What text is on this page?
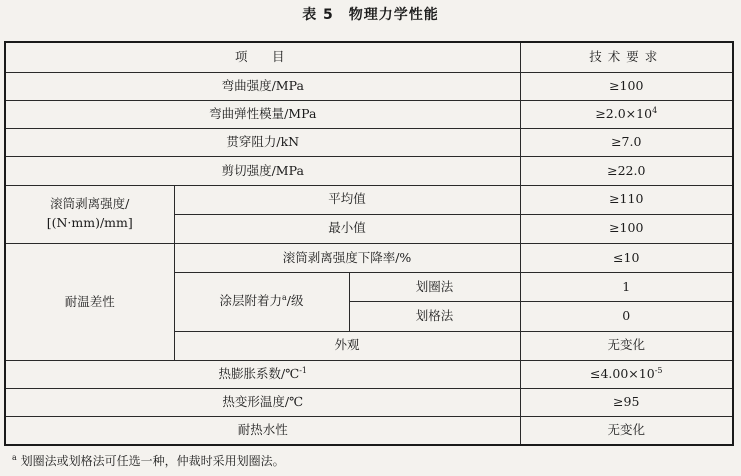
表 5　物理力学性能
项　目			技术要求
弯曲强度/MPa			≥100
弯曲弹性模量/MPa			$\ge 2.0\times 10^4$
贯穿阻力/kN			≥7.0
剪切强度/MPa			≥22.0

滚筒剥离强度/
[(N·mm)/mm]	平均值		≥110
	最小值		≥100
耐温差性	滚筒剥离强度下降率/%		≤10
	涂层附着力$^a$/级	划圈法	1
		划格法	0
	外观		无变化
热膨胀系数/℃$^{-1}$			$\le 4.00\times 10^{-5}$
热变形温度/℃			≥95
耐热水性			无变化
$^a$ 划圈法或划格法可任选一种，仲裁时采用划圈法。
